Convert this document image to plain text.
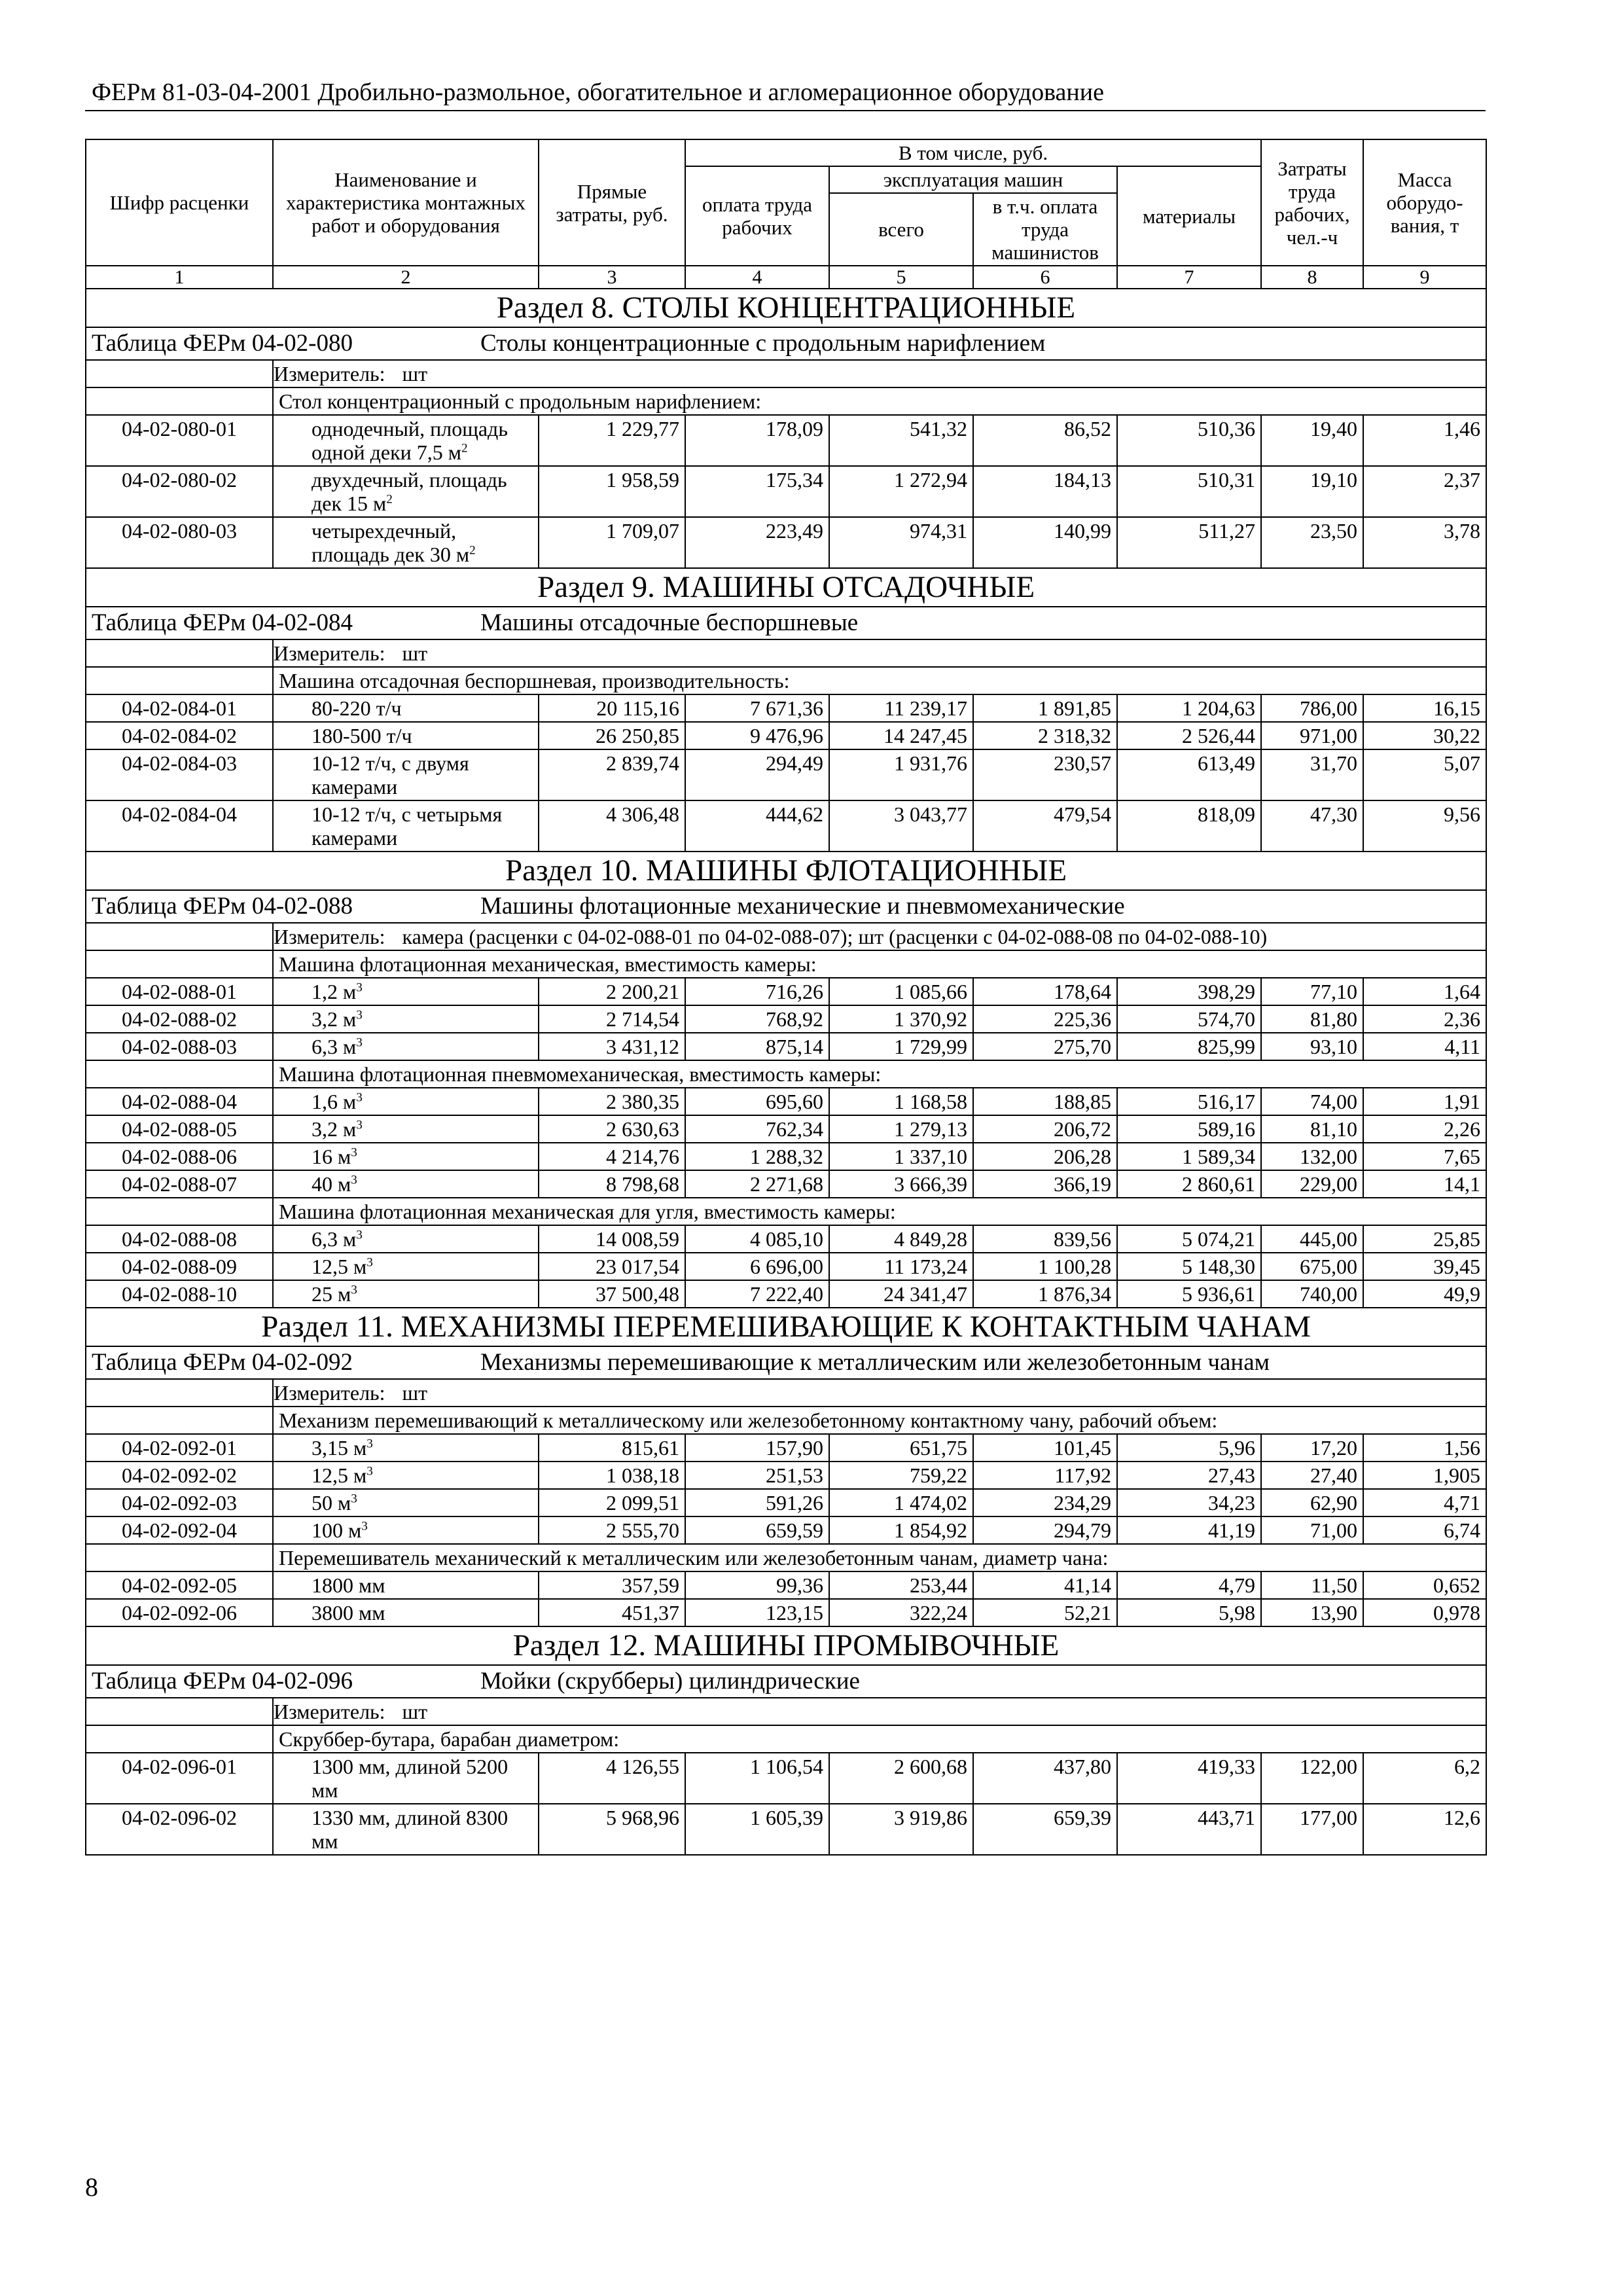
ФЕРм 81-03-04-2001 Дробильно-размольное, обогатительное и агломерационное оборудование
Шифр расценки	Наименование и характеристика монтажных работ и оборудования	Прямые затраты, руб.	В том числе, руб.				Затраты труда рабочих, чел.-ч	Масса оборудо-вания, т
			оплата труда рабочих	эксплуатация машин		материалы		
				всего	в т.ч. оплата труда машинистов			
1	2	3	4	5	6	7	8	9
Раздел 8. СТОЛЫ КОНЦЕНТРАЦИОННЫЕ								
Таблица ФЕРм 04-02-080 Столы концентрационные с продольным нарифлением								
	Измеритель: шт							
	Стол концентрационный с продольным нарифлением:							
04-02-080-01	однодечный, площадь одной деки 7,5 $м^2$	1 229,77	178,09	541,32	86,52	510,36	19,40	1,46
04-02-080-02	двухдечный, площадь дек 15 $м^2$	1 958,59	175,34	1 272,94	184,13	510,31	19,10	2,37
04-02-080-03	четырехдечный, площадь дек 30 $м^2$	1 709,07	223,49	974,31	140,99	511,27	23,50	3,78
Раздел 9. МАШИНЫ ОТСАДОЧНЫЕ								
Таблица ФЕРм 04-02-084 Машины отсадочные беспоршневые								
	Измеритель: шт							
	Машина отсадочная беспоршневая, производительность:							
04-02-084-01	80-220 т/ч	20 115,16	7 671,36	11 239,17	1 891,85	1 204,63	786,00	16,15
04-02-084-02	180-500 т/ч	26 250,85	9 476,96	14 247,45	2 318,32	2 526,44	971,00	30,22
04-02-084-03	10-12 т/ч, с двумя камерами	2 839,74	294,49	1 931,76	230,57	613,49	31,70	5,07
04-02-084-04	10-12 т/ч, с четырьмя камерами	4 306,48	444,62	3 043,77	479,54	818,09	47,30	9,56
Раздел 10. МАШИНЫ ФЛОТАЦИОННЫЕ								
Таблица ФЕРм 04-02-088 Машины флотационные механические и пневмомеханические								
	Измеритель: камера (расценки с 04-02-088-01 по 04-02-088-07); шт (расценки с 04-02-088-08 по 04-02-088-10)							
	Машина флотационная механическая, вместимость камеры:							
04-02-088-01	1,2 $м^3$	2 200,21	716,26	1 085,66	178,64	398,29	77,10	1,64
04-02-088-02	3,2 $м^3$	2 714,54	768,92	1 370,92	225,36	574,70	81,80	2,36
04-02-088-03	6,3 $м^3$	3 431,12	875,14	1 729,99	275,70	825,99	93,10	4,11
	Машина флотационная пневмомеханическая, вместимость камеры:							
04-02-088-04	1,6 $м^3$	2 380,35	695,60	1 168,58	188,85	516,17	74,00	1,91
04-02-088-05	3,2 $м^3$	2 630,63	762,34	1 279,13	206,72	589,16	81,10	2,26
04-02-088-06	16 $м^3$	4 214,76	1 288,32	1 337,10	206,28	1 589,34	132,00	7,65
04-02-088-07	40 $м^3$	8 798,68	2 271,68	3 666,39	366,19	2 860,61	229,00	14,1
	Машина флотационная механическая для угля, вместимость камеры:							
04-02-088-08	6,3 $м^3$	14 008,59	4 085,10	4 849,28	839,56	5 074,21	445,00	25,85
04-02-088-09	12,5 $м^3$	23 017,54	6 696,00	11 173,24	1 100,28	5 148,30	675,00	39,45
04-02-088-10	25 $м^3$	37 500,48	7 222,40	24 341,47	1 876,34	5 936,61	740,00	49,9
Раздел 11. МЕХАНИЗМЫ ПЕРЕМЕШИВАЮЩИЕ К КОНТАКТНЫМ ЧАНАМ								
Таблица ФЕРм 04-02-092 Механизмы перемешивающие к металлическим или железобетонным чанам								
	Измеритель: шт							
	Механизм перемешивающий к металлическому или железобетонному контактному чану, рабочий объем:							
04-02-092-01	3,15 $м^3$	815,61	157,90	651,75	101,45	5,96	17,20	1,56
04-02-092-02	12,5 $м^3$	1 038,18	251,53	759,22	117,92	27,43	27,40	1,905
04-02-092-03	50 $м^3$	2 099,51	591,26	1 474,02	234,29	34,23	62,90	4,71
04-02-092-04	100 $м^3$	2 555,70	659,59	1 854,92	294,79	41,19	71,00	6,74
	Перемешиватель механический к металлическим или железобетонным чанам, диаметр чана:							
04-02-092-05	1800 мм	357,59	99,36	253,44	41,14	4,79	11,50	0,652
04-02-092-06	3800 мм	451,37	123,15	322,24	52,21	5,98	13,90	0,978
Раздел 12. МАШИНЫ ПРОМЫВОЧНЫЕ								
Таблица ФЕРм 04-02-096 Мойки (скрубберы) цилиндрические								
	Измеритель: шт							
	Скруббер-бутара, барабан диаметром:							
04-02-096-01	1300 мм, длиной 5200 мм	4 126,55	1 106,54	2 600,68	437,80	419,33	122,00	6,2
04-02-096-02	1330 мм, длиной 8300 мм	5 968,96	1 605,39	3 919,86	659,39	443,71	177,00	12,6
8
